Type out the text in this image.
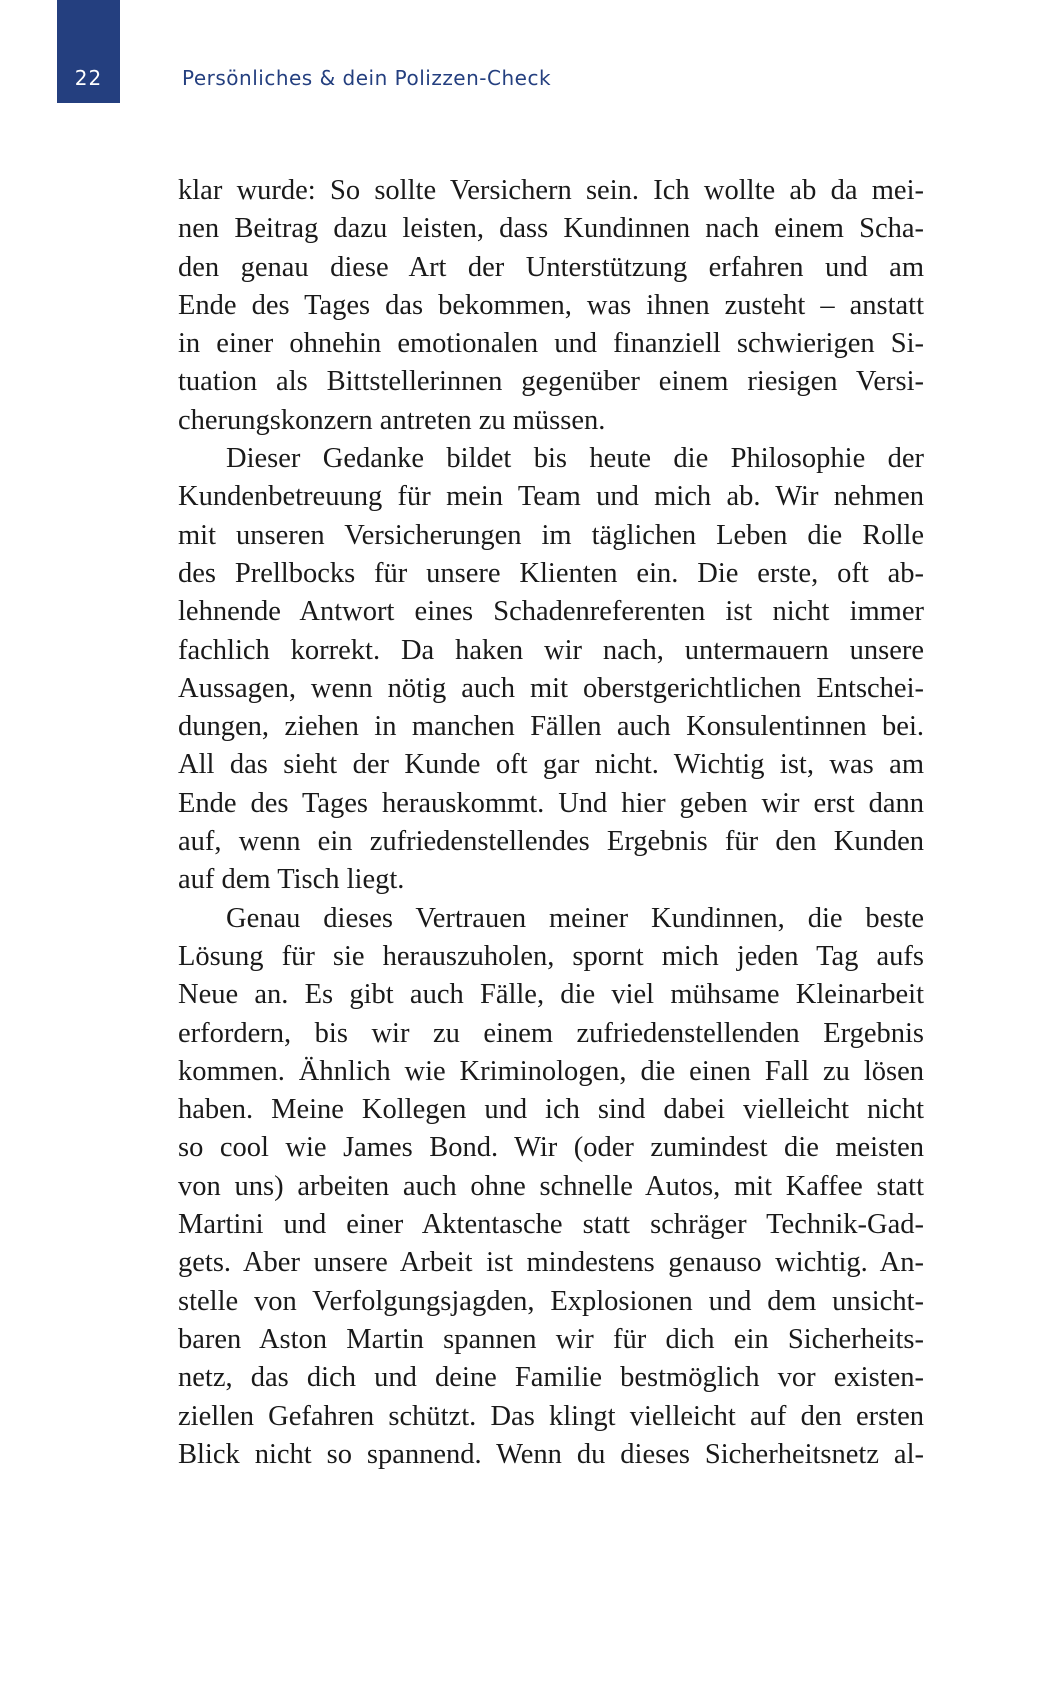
22	Persönliches & dein Polizzen-Check
klar wurde: So sollte Versichern sein. Ich wollte ab da mei-
nen Beitrag dazu leisten, dass Kundinnen nach einem Scha-
den genau diese Art der Unterstützung erfahren und am
Ende des Tages das bekommen, was ihnen zusteht – anstatt
in einer ohnehin emotionalen und finanziell schwierigen Si-
tuation als Bittstellerinnen gegenüber einem riesigen Versi-
cherungskonzern antreten zu müssen.
Dieser Gedanke bildet bis heute die Philosophie der
Kundenbetreuung für mein Team und mich ab. Wir nehmen
mit unseren Versicherungen im täglichen Leben die Rolle
des Prellbocks für unsere Klienten ein. Die erste, oft ab-
lehnende Antwort eines Schadenreferenten ist nicht immer
fachlich korrekt. Da haken wir nach, untermauern unsere
Aussagen, wenn nötig auch mit oberstgerichtlichen Entschei-
dungen, ziehen in manchen Fällen auch Konsulentinnen bei.
All das sieht der Kunde oft gar nicht. Wichtig ist, was am
Ende des Tages herauskommt. Und hier geben wir erst dann
auf, wenn ein zufriedenstellendes Ergebnis für den Kunden
auf dem Tisch liegt.
Genau dieses Vertrauen meiner Kundinnen, die beste
Lösung für sie herauszuholen, spornt mich jeden Tag aufs
Neue an. Es gibt auch Fälle, die viel mühsame Kleinarbeit
erfordern, bis wir zu einem zufriedenstellenden Ergebnis
kommen. Ähnlich wie Kriminologen, die einen Fall zu lösen
haben. Meine Kollegen und ich sind dabei vielleicht nicht
so cool wie James Bond. Wir (oder zumindest die meisten
von uns) arbeiten auch ohne schnelle Autos, mit Kaffee statt
Martini und einer Aktentasche statt schräger Technik-Gad-
gets. Aber unsere Arbeit ist mindestens genauso wichtig. An-
stelle von Verfolgungsjagden, Explosionen und dem unsicht-
baren Aston Martin spannen wir für dich ein Sicherheits-
netz, das dich und deine Familie bestmöglich vor existen-
ziellen Gefahren schützt. Das klingt vielleicht auf den ersten
Blick nicht so spannend. Wenn du dieses Sicherheitsnetz al-
